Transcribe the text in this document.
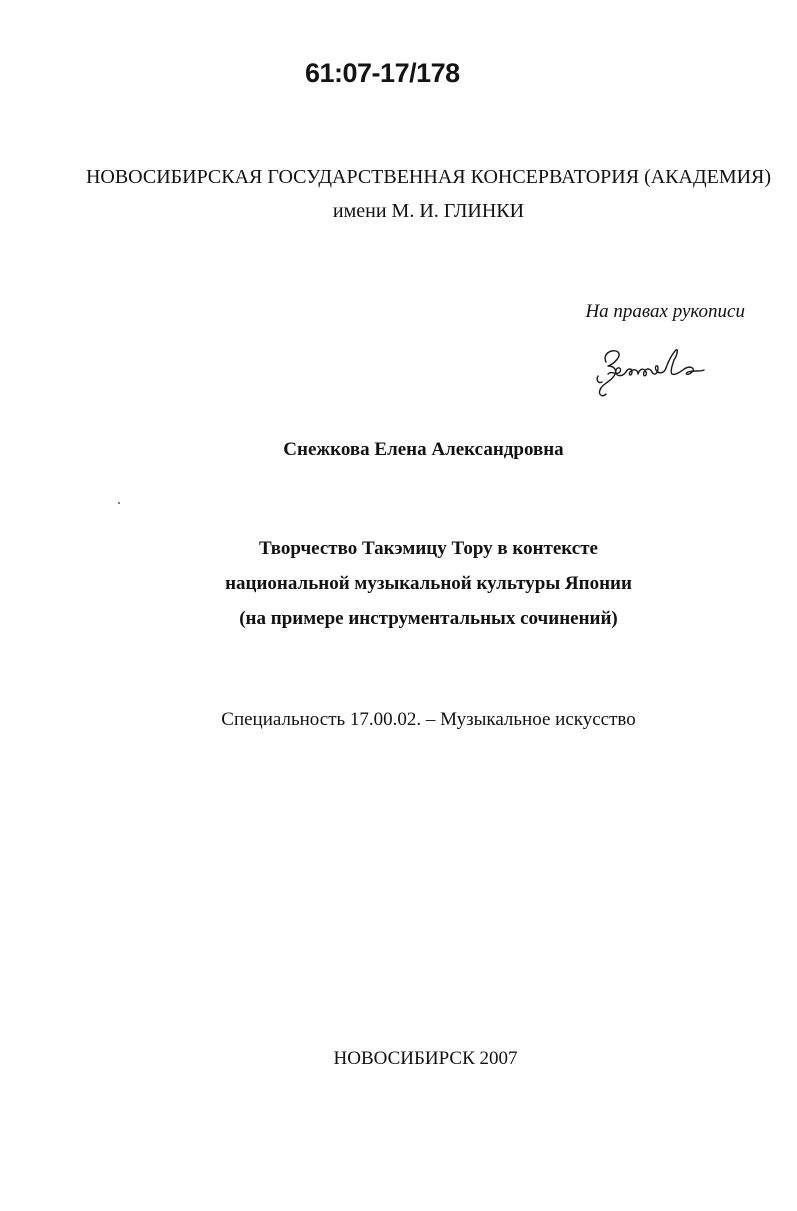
61:07-17/178
НОВОСИБИРСКАЯ ГОСУДАРСТВЕННАЯ КОНСЕРВАТОРИЯ (АКАДЕМИЯ)
имени М. И. ГЛИНКИ
На правах рукописи
Снежкова Елена Александровна
Творчество Такэмицу Тору в контексте
национальной музыкальной культуры Японии
(на примере инструментальных сочинений)
Специальность 17.00.02. – Музыкальное искусство
НОВОСИБИРСК 2007
